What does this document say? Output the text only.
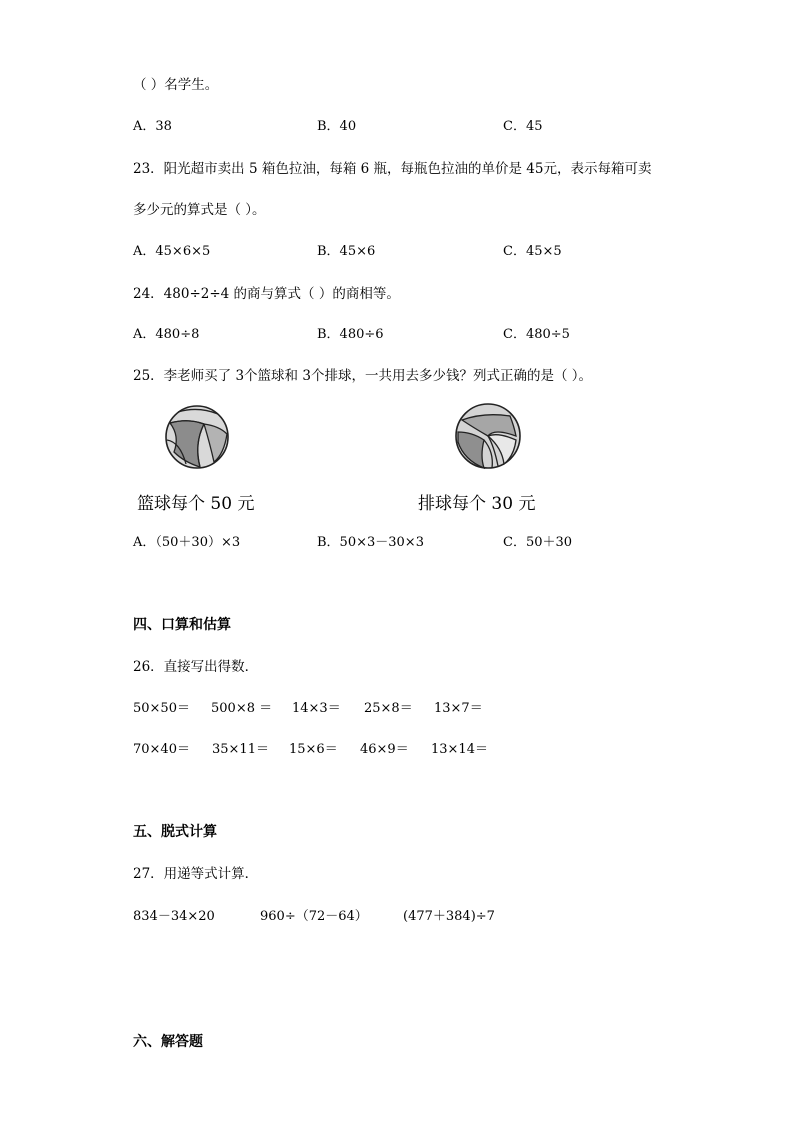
（ ）名学生。
A．38	B．40	C．45
23．阳光超市卖出 5 箱色拉油，每箱 6 瓶，每瓶色拉油的单价是 45元，表示每箱可卖
多少元的算式是（ ）。
A．45×6×5	B．45×6	C．45×5
24．480÷2÷4 的商与算式（ ）的商相等。
A．480÷8	B．480÷6	C．480÷5
25．李老师买了 3个篮球和 3个排球，一共用去多少钱？列式正确的是（ ）。
篮球每个 50 元	排球每个 30 元
A．（50＋30）×3	B．50×3－30×3	C．50＋30
四、口算和估算
26．直接写出得数．
50×50＝ 500×8 ＝ 14×3＝ 25×8＝ 13×7＝
70×40＝ 35×11＝ 15×6＝ 46×9＝ 13×14＝
五、脱式计算
27．用递等式计算．
834－34×20	960÷（72－64）	(477＋384)÷7
六、解答题
